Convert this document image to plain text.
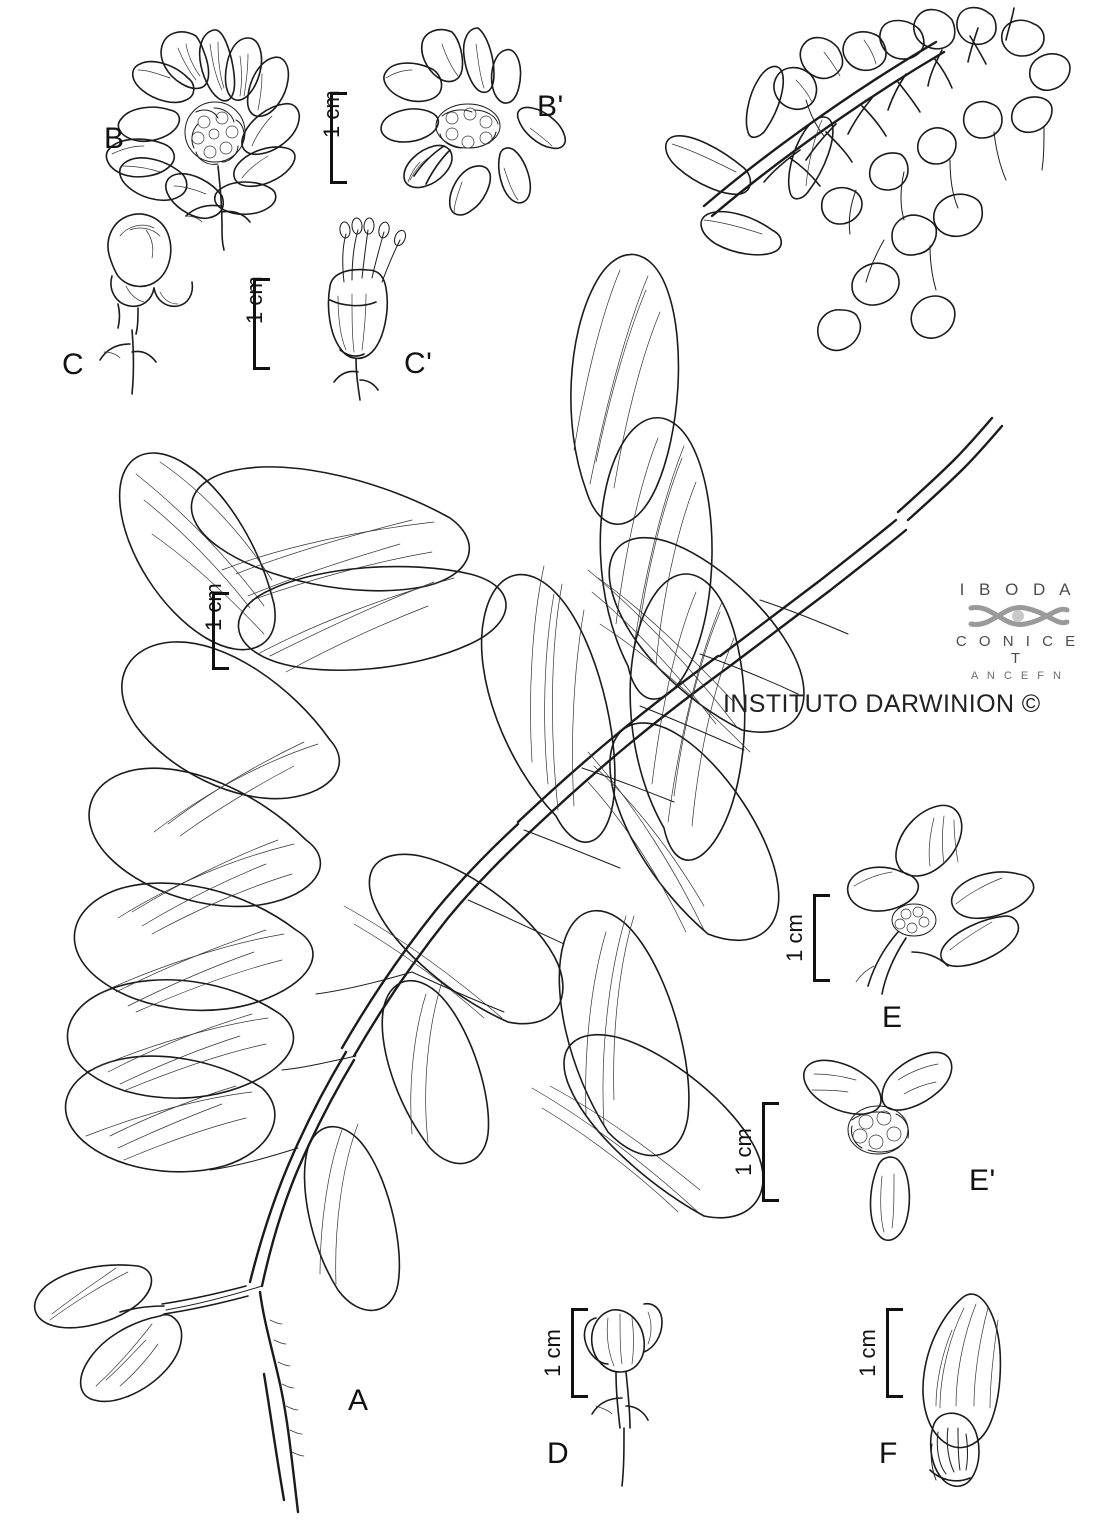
1 cm
1 cm
1 cm
1 cm
1 cm
1 cm	1 cm
A
B
B'
C	C'
D
E
E'
F
I B O D A
C O N I C E T
A N C E F N
INSTITUTO DARWINION ©
